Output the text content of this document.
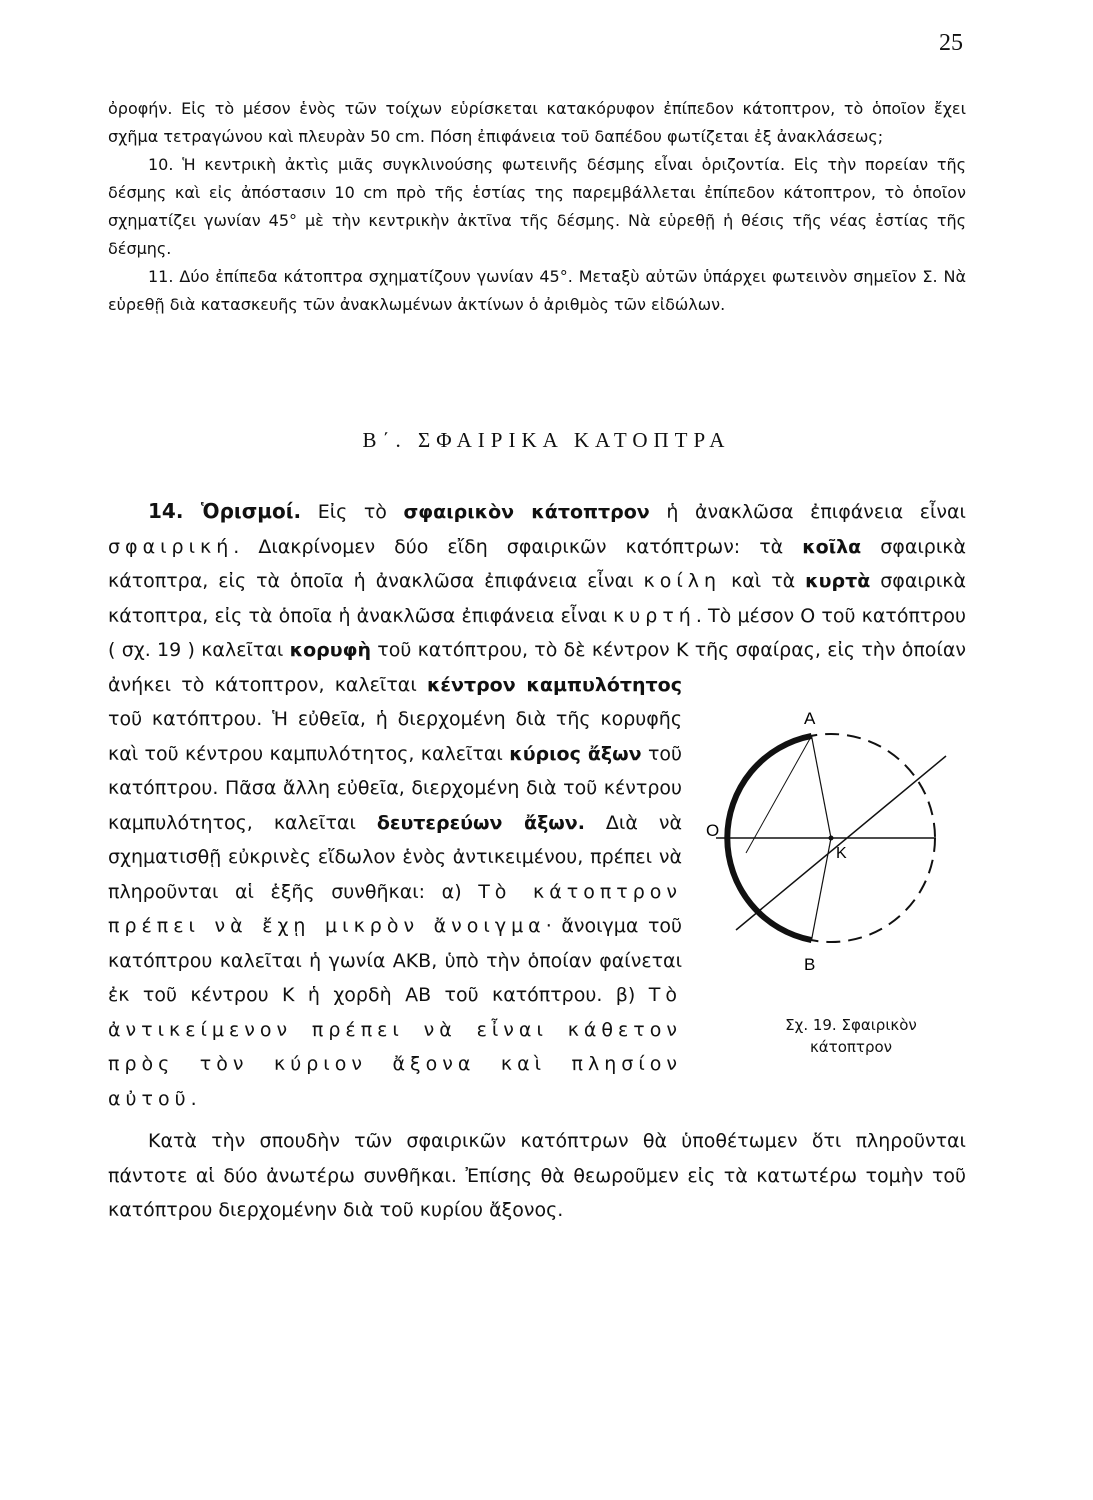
25

ὀροφήν. Εἰς τὸ μέσον ἑνὸς τῶν τοίχων εὑρίσκεται κατακόρυφον ἐπίπεδον κάτοπτρον, τὸ ὁποῖον ἔχει σχῆμα τετραγώνου καὶ πλευρὰν 50 cm. Πόση ἐπιφάνεια τοῦ δαπέδου φωτίζεται ἐξ ἀνακλάσεως;

10. Ἡ κεντρικὴ ἀκτὶς μιᾶς συγκλινούσης φωτεινῆς δέσμης εἶναι ὁριζοντία. Εἰς τὴν πορείαν τῆς δέσμης καὶ εἰς ἀπόστασιν 10 cm πρὸ τῆς ἑστίας της παρεμβάλλεται ἐπίπεδον κάτοπτρον, τὸ ὁποῖον σχηματίζει γωνίαν 45° μὲ τὴν κεντρικὴν ἀκτῖνα τῆς δέσμης. Νὰ εὑρεθῇ ἡ θέσις τῆς νέας ἑστίας τῆς δέσμης.

11. Δύο ἐπίπεδα κάτοπτρα σχηματίζουν γωνίαν 45°. Μεταξὺ αὐτῶν ὑπάρχει φωτεινὸν σημεῖον Σ. Νὰ εὑρεθῇ διὰ κατασκευῆς τῶν ἀνακλωμένων ἀκτίνων ὁ ἀριθμὸς τῶν εἰδώλων.

Β΄. ΣΦΑΙΡΙΚΑ ΚΑΤΟΠΤΡΑ

14. Ὁρισμοί. Εἰς τὸ σφαιρικὸν κάτοπτρον ἡ ἀνακλῶσα ἐπιφάνεια εἶναι σφαιρική. Διακρίνομεν δύο εἴδη σφαιρικῶν κατόπτρων: τὰ κοῖλα σφαιρικὰ κάτοπτρα, εἰς τὰ ὁποῖα ἡ ἀνακλῶσα ἐπιφάνεια εἶναι κοίλη καὶ τὰ κυρτὰ σφαιρικὰ κάτοπτρα, εἰς τὰ ὁποῖα ἡ ἀνακλῶσα ἐπιφάνεια εἶναι κυρτή. Τὸ μέσον Ο τοῦ κατόπτρου ( σχ. 19 ) καλεῖται κορυφὴ τοῦ κατόπτρου, τὸ δὲ κέντρον Κ τῆς σφαίρας, εἰς τὴν ὁποίαν ἀνήκει τὸ κάτοπτρον, καλεῖται κέντρον καμπυλότητος
A
B
O
K
Σχ. 19. Σφαιρικὸν
κάτοπτρον
τοῦ κατόπτρου. Ἡ εὐθεῖα, ἡ διερχομένη διὰ τῆς κορυφῆς καὶ τοῦ κέντρου καμπυλότητος, καλεῖται κύριος ἄξων τοῦ κατόπτρου. Πᾶσα ἄλλη εὐθεῖα, διερχομένη διὰ τοῦ κέντρου καμπυλότητος, καλεῖται δευτερεύων ἄξων. Διὰ νὰ σχηματισθῇ εὐκρινὲς εἴδωλον ἑνὸς ἀντικειμένου, πρέπει νὰ πληροῦνται αἱ ἑξῆς συνθῆκαι: α) Τὸ κάτοπτρον πρέπει νὰ ἔχῃ μικρὸν ἄνοιγμα· ἄνοιγμα τοῦ κατόπτρου καλεῖται ἡ γωνία ΑΚΒ, ὑπὸ τὴν ὁποίαν φαίνεται ἐκ τοῦ κέντρου Κ ἡ χορδὴ ΑΒ τοῦ κατόπτρου. β) Τὸ ἀντικείμενον πρέπει νὰ εἶναι κάθετον πρὸς τὸν κύριον ἄξονα καὶ πλησίον αὐτοῦ.

Κατὰ τὴν σπουδὴν τῶν σφαιρικῶν κατόπτρων θὰ ὑποθέτωμεν ὅτι πληροῦνται πάντοτε αἱ δύο ἀνωτέρω συνθῆκαι. Ἐπίσης θὰ θεωροῦμεν εἰς τὰ κατωτέρω τομὴν τοῦ κατόπτρου διερχομένην διὰ τοῦ κυρίου ἄξονος.
